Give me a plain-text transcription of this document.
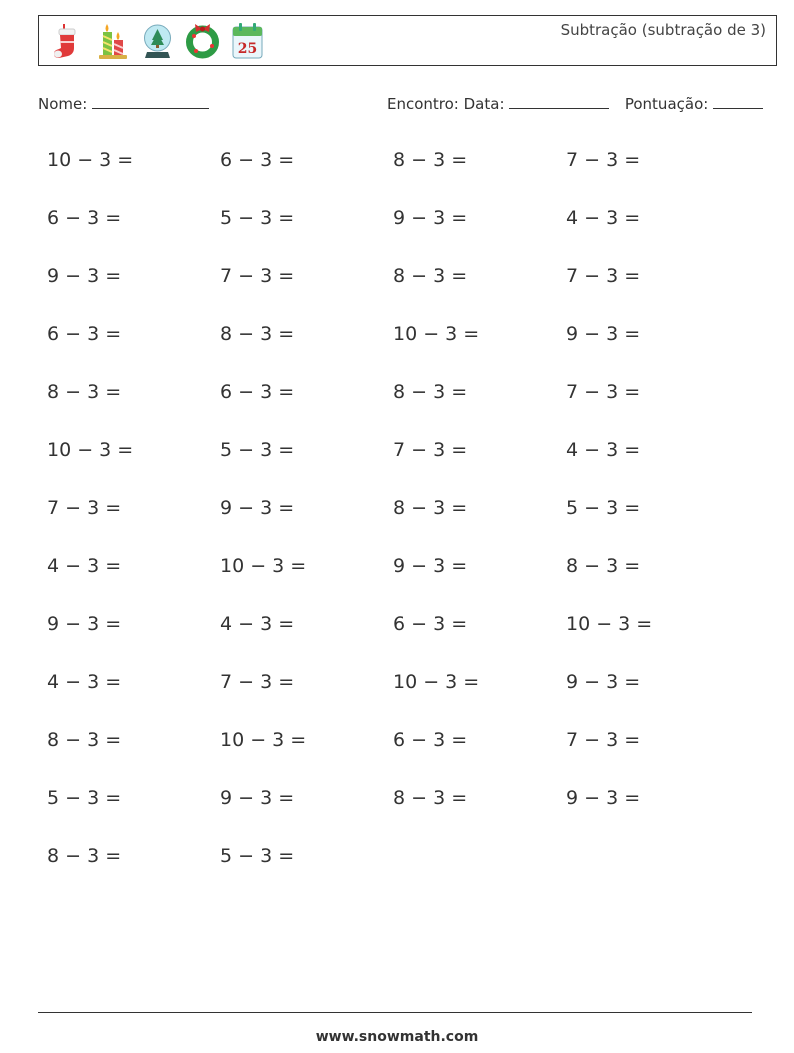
25
Subtração (subtração de 3)
Nome:	Encontro: Data:	Pontuação:
10 − 3 =	6 − 3 =	8 − 3 =	7 − 3 =
6 − 3 =	5 − 3 =	9 − 3 =	4 − 3 =
9 − 3 =	7 − 3 =	8 − 3 =	7 − 3 =
6 − 3 =	8 − 3 =	10 − 3 =	9 − 3 =
8 − 3 =	6 − 3 =	8 − 3 =	7 − 3 =
10 − 3 =	5 − 3 =	7 − 3 =	4 − 3 =
7 − 3 =	9 − 3 =	8 − 3 =	5 − 3 =
4 − 3 =	10 − 3 =	9 − 3 =	8 − 3 =
9 − 3 =	4 − 3 =	6 − 3 =	10 − 3 =
4 − 3 =	7 − 3 =	10 − 3 =	9 − 3 =
8 − 3 =	10 − 3 =	6 − 3 =	7 − 3 =
5 − 3 =	9 − 3 =	8 − 3 =	9 − 3 =
8 − 3 =	5 − 3 =
www.snowmath.com
